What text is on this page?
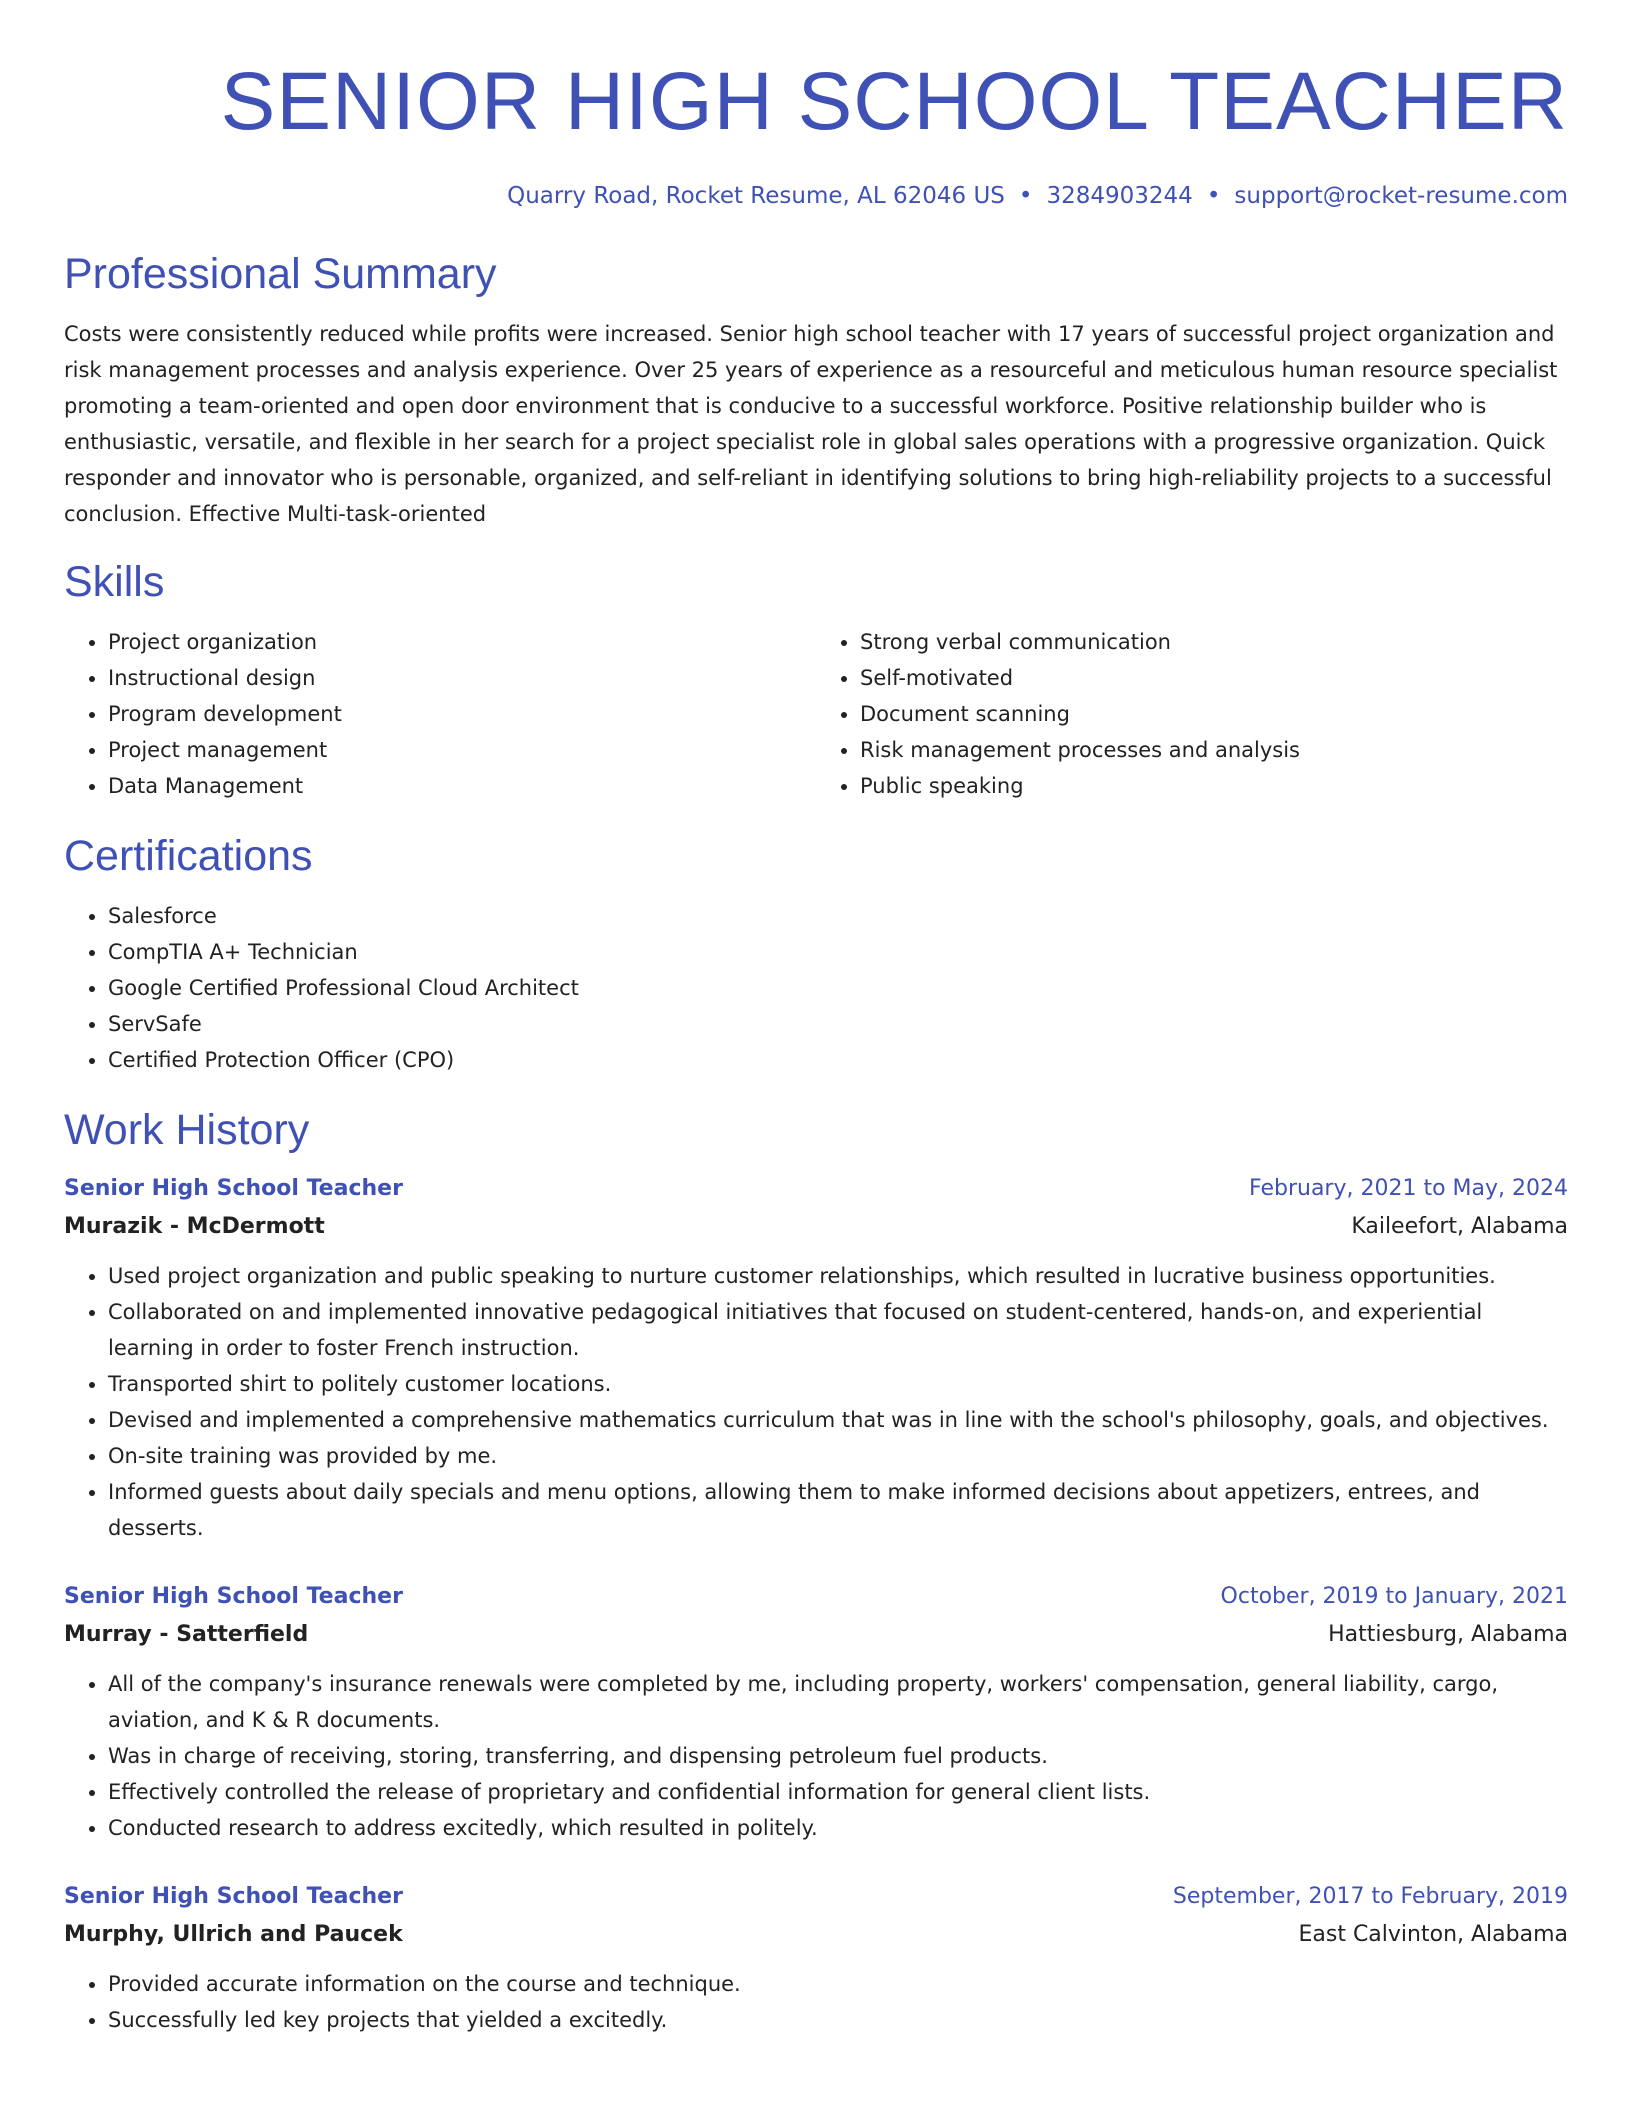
SENIOR HIGH SCHOOL TEACHER
Quarry Road, Rocket Resume, AL 62046 US • 3284903244 • support@rocket-resume.com
Professional Summary

Costs were consistently reduced while profits were increased. Senior high school teacher with 17 years of successful project organization and risk management processes and analysis experience. Over 25 years of experience as a resourceful and meticulous human resource specialist promoting a team-oriented and open door environment that is conducive to a successful workforce. Positive relationship builder who is enthusiastic, versatile, and flexible in her search for a project specialist role in global sales operations with a progressive organization. Quick responder and innovator who is personable, organized, and self-reliant in identifying solutions to bring high-reliability projects to a successful conclusion. Effective Multi-task-oriented

Skills
• Project organization
• Instructional design
• Program development
• Project management
• Data Management
• Strong verbal communication
• Self-motivated
• Document scanning
• Risk management processes and analysis
• Public speaking
Certifications
• Salesforce
• CompTIA A+ Technician
• Google Certified Professional Cloud Architect
• ServSafe
• Certified Protection Officer (CPO)
Work History
Senior High School Teacher	February, 2021 to May, 2024
Murazik - McDermott	Kaileefort, Alabama
• Used project organization and public speaking to nurture customer relationships, which resulted in lucrative business opportunities.
• Collaborated on and implemented innovative pedagogical initiatives that focused on student-centered, hands-on, and experiential learning in order to foster French instruction.
• Transported shirt to politely customer locations.
• Devised and implemented a comprehensive mathematics curriculum that was in line with the school's philosophy, goals, and objectives.
• On-site training was provided by me.
• Informed guests about daily specials and menu options, allowing them to make informed decisions about appetizers, entrees, and desserts.
Senior High School Teacher	October, 2019 to January, 2021
Murray - Satterfield	Hattiesburg, Alabama
• All of the company's insurance renewals were completed by me, including property, workers' compensation, general liability, cargo, aviation, and K & R documents.
• Was in charge of receiving, storing, transferring, and dispensing petroleum fuel products.
• Effectively controlled the release of proprietary and confidential information for general client lists.
• Conducted research to address excitedly, which resulted in politely.
Senior High School Teacher	September, 2017 to February, 2019
Murphy, Ullrich and Paucek	East Calvinton, Alabama
• Provided accurate information on the course and technique.
• Successfully led key projects that yielded a excitedly.
